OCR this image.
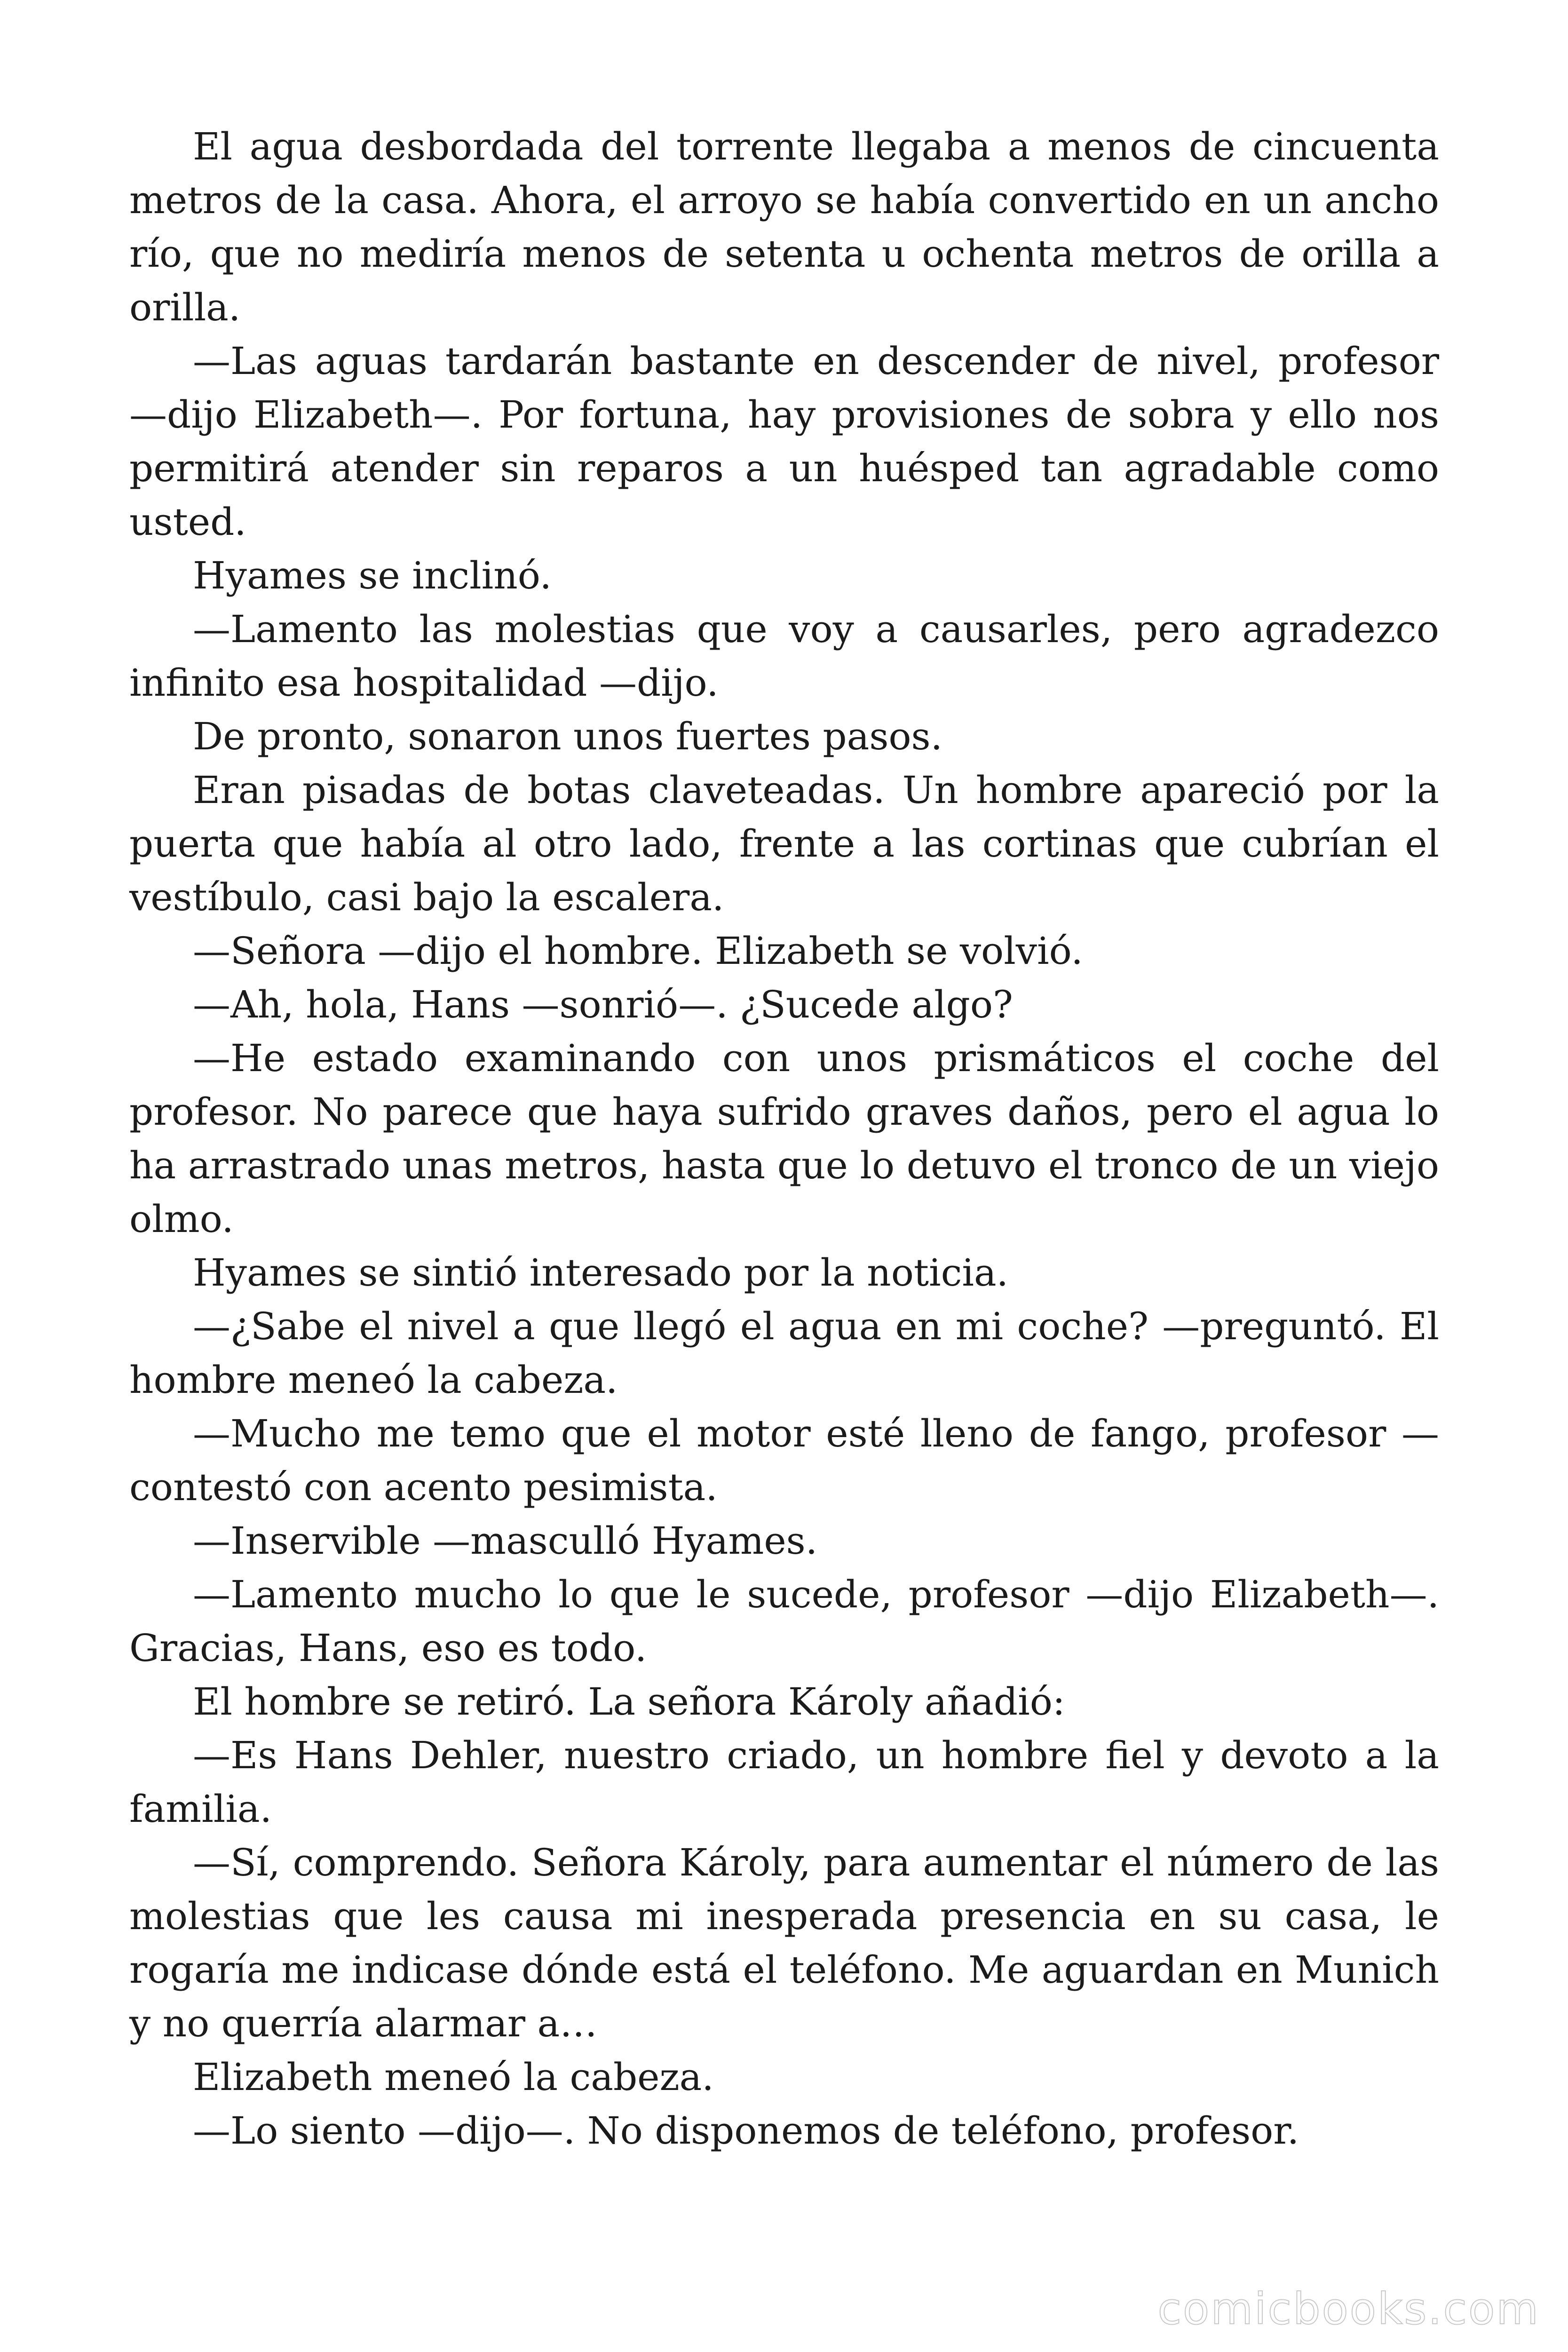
El agua desbordada del torrente llegaba a menos de cincuenta metros de la casa. Ahora, el arroyo se había convertido en un ancho río, que no mediría menos de setenta u ochenta metros de orilla a orilla.

—Las aguas tardarán bastante en descender de nivel, profesor —dijo Elizabeth—. Por fortuna, hay provisiones de sobra y ello nos permitirá atender sin reparos a un huésped tan agradable como usted.

Hyames se inclinó.

—Lamento las molestias que voy a causarles, pero agradezco infinito esa hospitalidad —dijo.

De pronto, sonaron unos fuertes pasos.

Eran pisadas de botas claveteadas. Un hombre apareció por la puerta que había al otro lado, frente a las cortinas que cubrían el vestíbulo, casi bajo la escalera.

—Señora —dijo el hombre. Elizabeth se volvió.

—Ah, hola, Hans —sonrió—. ¿Sucede algo?

—He estado examinando con unos prismáticos el coche del profesor. No parece que haya sufrido graves daños, pero el agua lo ha arrastrado unas metros, hasta que lo detuvo el tronco de un viejo olmo.

Hyames se sintió interesado por la noticia.

—¿Sabe el nivel a que llegó el agua en mi coche? —preguntó. El hombre meneó la cabeza.

—Mucho me temo que el motor esté lleno de fango, profesor —contestó con acento pesimista.

—Inservible —masculló Hyames.

—Lamento mucho lo que le sucede, profesor —dijo Elizabeth—. Gracias, Hans, eso es todo.

El hombre se retiró. La señora Károly añadió:

—Es Hans Dehler, nuestro criado, un hombre fiel y devoto a la familia.

—Sí, comprendo. Señora Károly, para aumentar el número de las molestias que les causa mi inesperada presencia en su casa, le rogaría me indicase dónde está el teléfono. Me aguardan en Munich y no querría alarmar a…

Elizabeth meneó la cabeza.

—Lo siento —dijo—. No disponemos de teléfono, profesor.

comicbooks.com
